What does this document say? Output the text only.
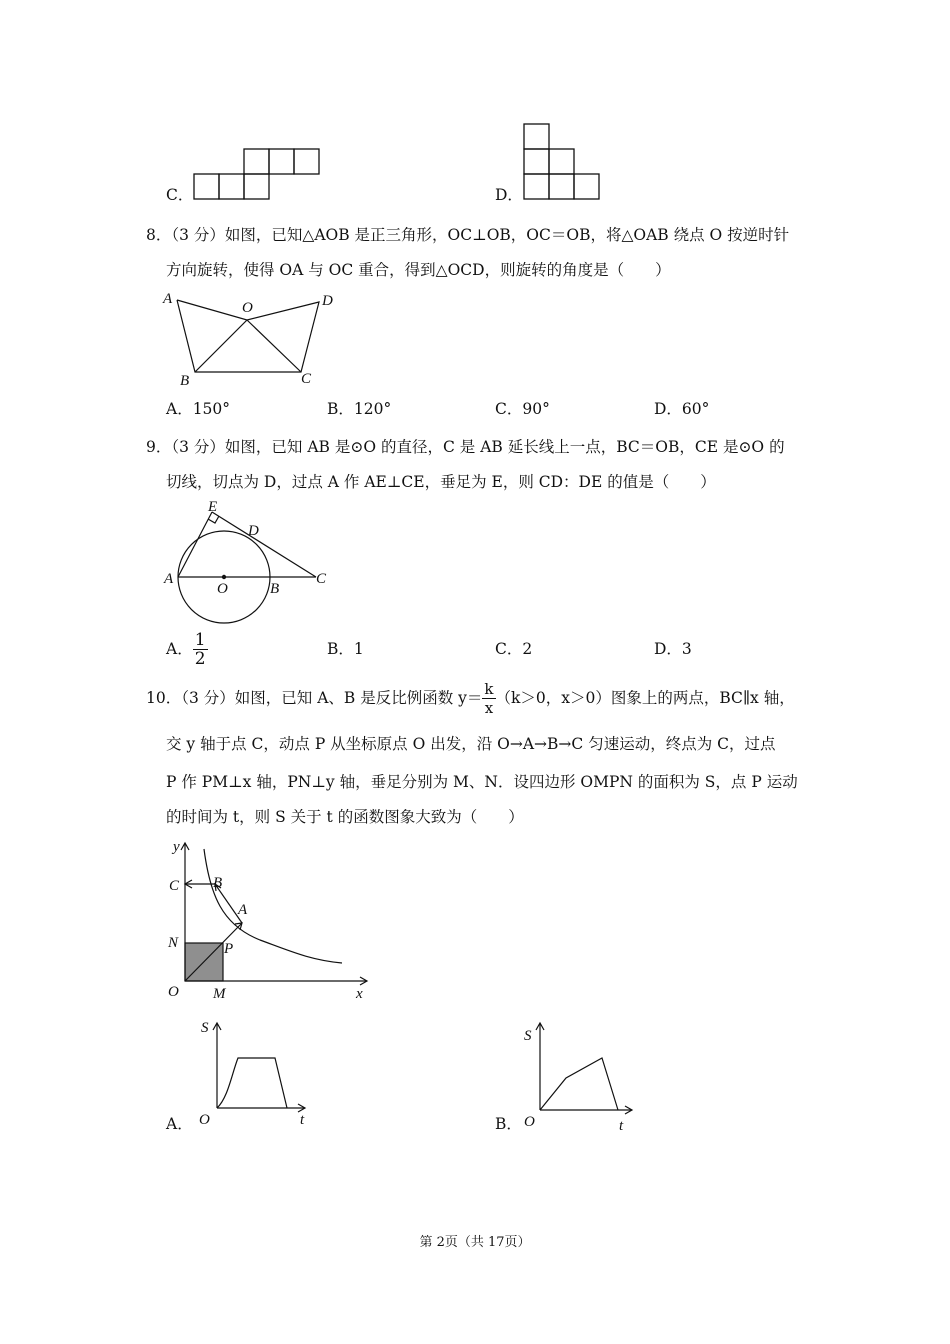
C．	D．
8．（3 分）如图，已知△AOB 是正三角形，OC⊥OB，OC＝OB，将△OAB 绕点 O 按逆时针
方向旋转，使得 OA 与 OC 重合，得到△OCD，则旋转的角度是（　　）
A
O	D
B	C
A．150°	B．120°	C．90°	D．60°
9．（3 分）如图，已知 AB 是⊙O 的直径，C 是 AB 延长线上一点，BC＝OB，CE 是⊙O 的
切线，切点为 D，过点 A 作 AE⊥CE，垂足为 E，则 CD：DE 的值是（　　）
E
D
A
O	B
C
A． $\frac{1}{2}$	B．1	C．2	D．3
10．（3 分）如图，已知 A、B 是反比例函数 $y= \frac{k}{x} (k>0$，x＞0）图象上的两点，BC∥x 轴，
交 y 轴于点 C，动点 P 从坐标原点 O 出发，沿 O→A→B→C 匀速运动，终点为 C，过点
P 作 PM⊥x 轴，PN⊥y 轴，垂足分别为 M、N．设四边形 OMPN 的面积为 S，点 P 运动
的时间为 t，则 S 关于 t 的函数图象大致为（　　）
y
x
C B
A
N	P
O M
A．
S
O	t	B．
S
O	t
第 2页（共 17页）
